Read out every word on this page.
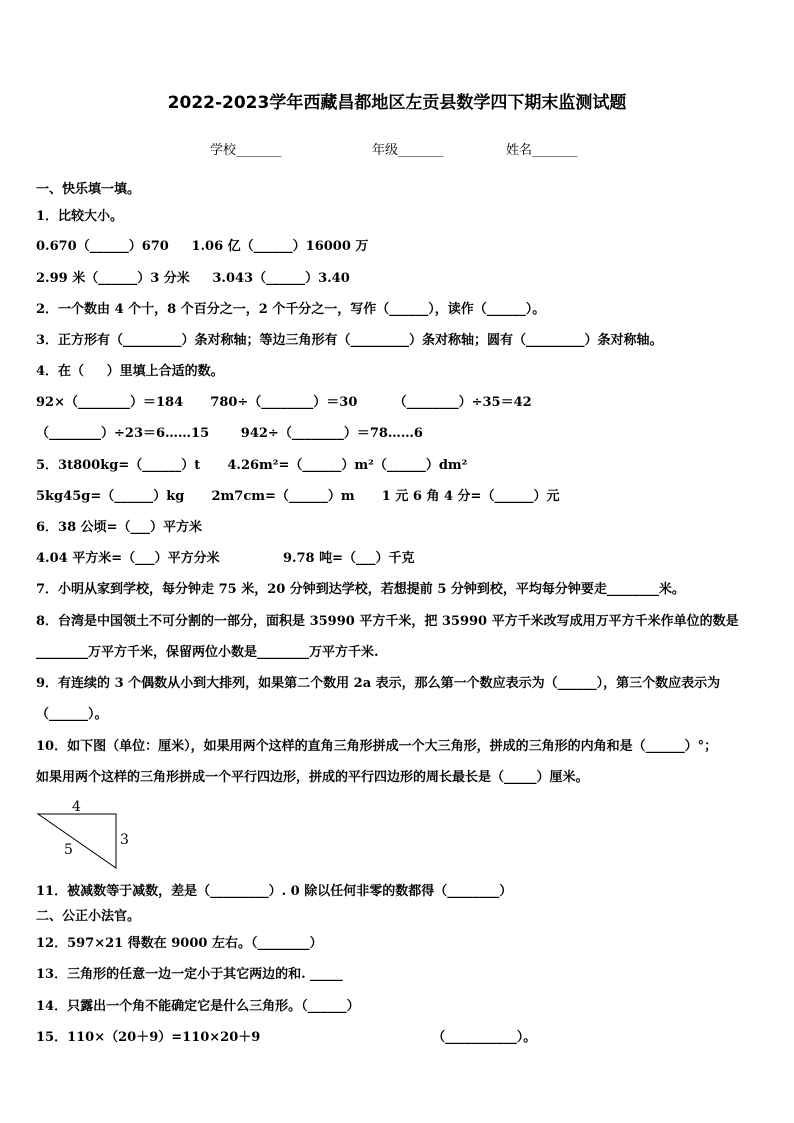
2022-2023学年西藏昌都地区左贡县数学四下期末监测试题
学校_______	年级_______	姓名_______
一、快乐填一填。
1．比较大小。
0.670（______）670     1.06 亿（______）16000 万
2.99 米（______）3 分米     3.043（______）3.40
2．一个数由 4 个十，8 个百分之一，2 个千分之一，写作（______），读作（______）。
3．正方形有（_________）条对称轴；等边三角形有（_________）条对称轴；圆有（_________）条对称轴。
4．在（     ）里填上合适的数。
92×（________）＝184      780÷（________）＝30        （________）÷35＝42
（________）÷23＝6……15       942÷（________）＝78……6
5．3t800kg=（______）t      4.26m²=（______）m²（______）dm²
5kg45g=（______）kg      2m7cm=（______）m      1 元 6 角 4 分=（______）元
6．38 公顷=（___）平方米
4.04 平方米=（___）平方分米              9.78 吨=（___）千克
7．小明从家到学校，每分钟走 75 米，20 分钟到达学校，若想提前 5 分钟到校，平均每分钟要走________米。
8．台湾是中国领土不可分割的一部分，面积是 35990 平方千米，把 35990 平方千米改写成用万平方千米作单位的数是
________万平方千米，保留两位小数是________万平方千米.
9．有连续的 3 个偶数从小到大排列，如果第二个数用 2a 表示，那么第一个数应表示为（______），第三个数应表示为
（______）。
10．如下图（单位：厘米），如果用两个这样的直角三角形拼成一个大三角形，拼成的三角形的内角和是（______）°；
如果用两个这样的三角形拼成一个平行四边形，拼成的平行四边形的周长最长是（_____）厘米。
11．被减数等于减数，差是（_________）. 0 除以任何非零的数都得（________）
二、公正小法官。
12．597×21 得数在 9000 左右。（________）
13．三角形的任意一边一定小于其它两边的和. _____
14．只露出一个角不能确定它是什么三角形。（______）
15．110×（20＋9）=110×20＋9                                      （___________）。
4
3
5
